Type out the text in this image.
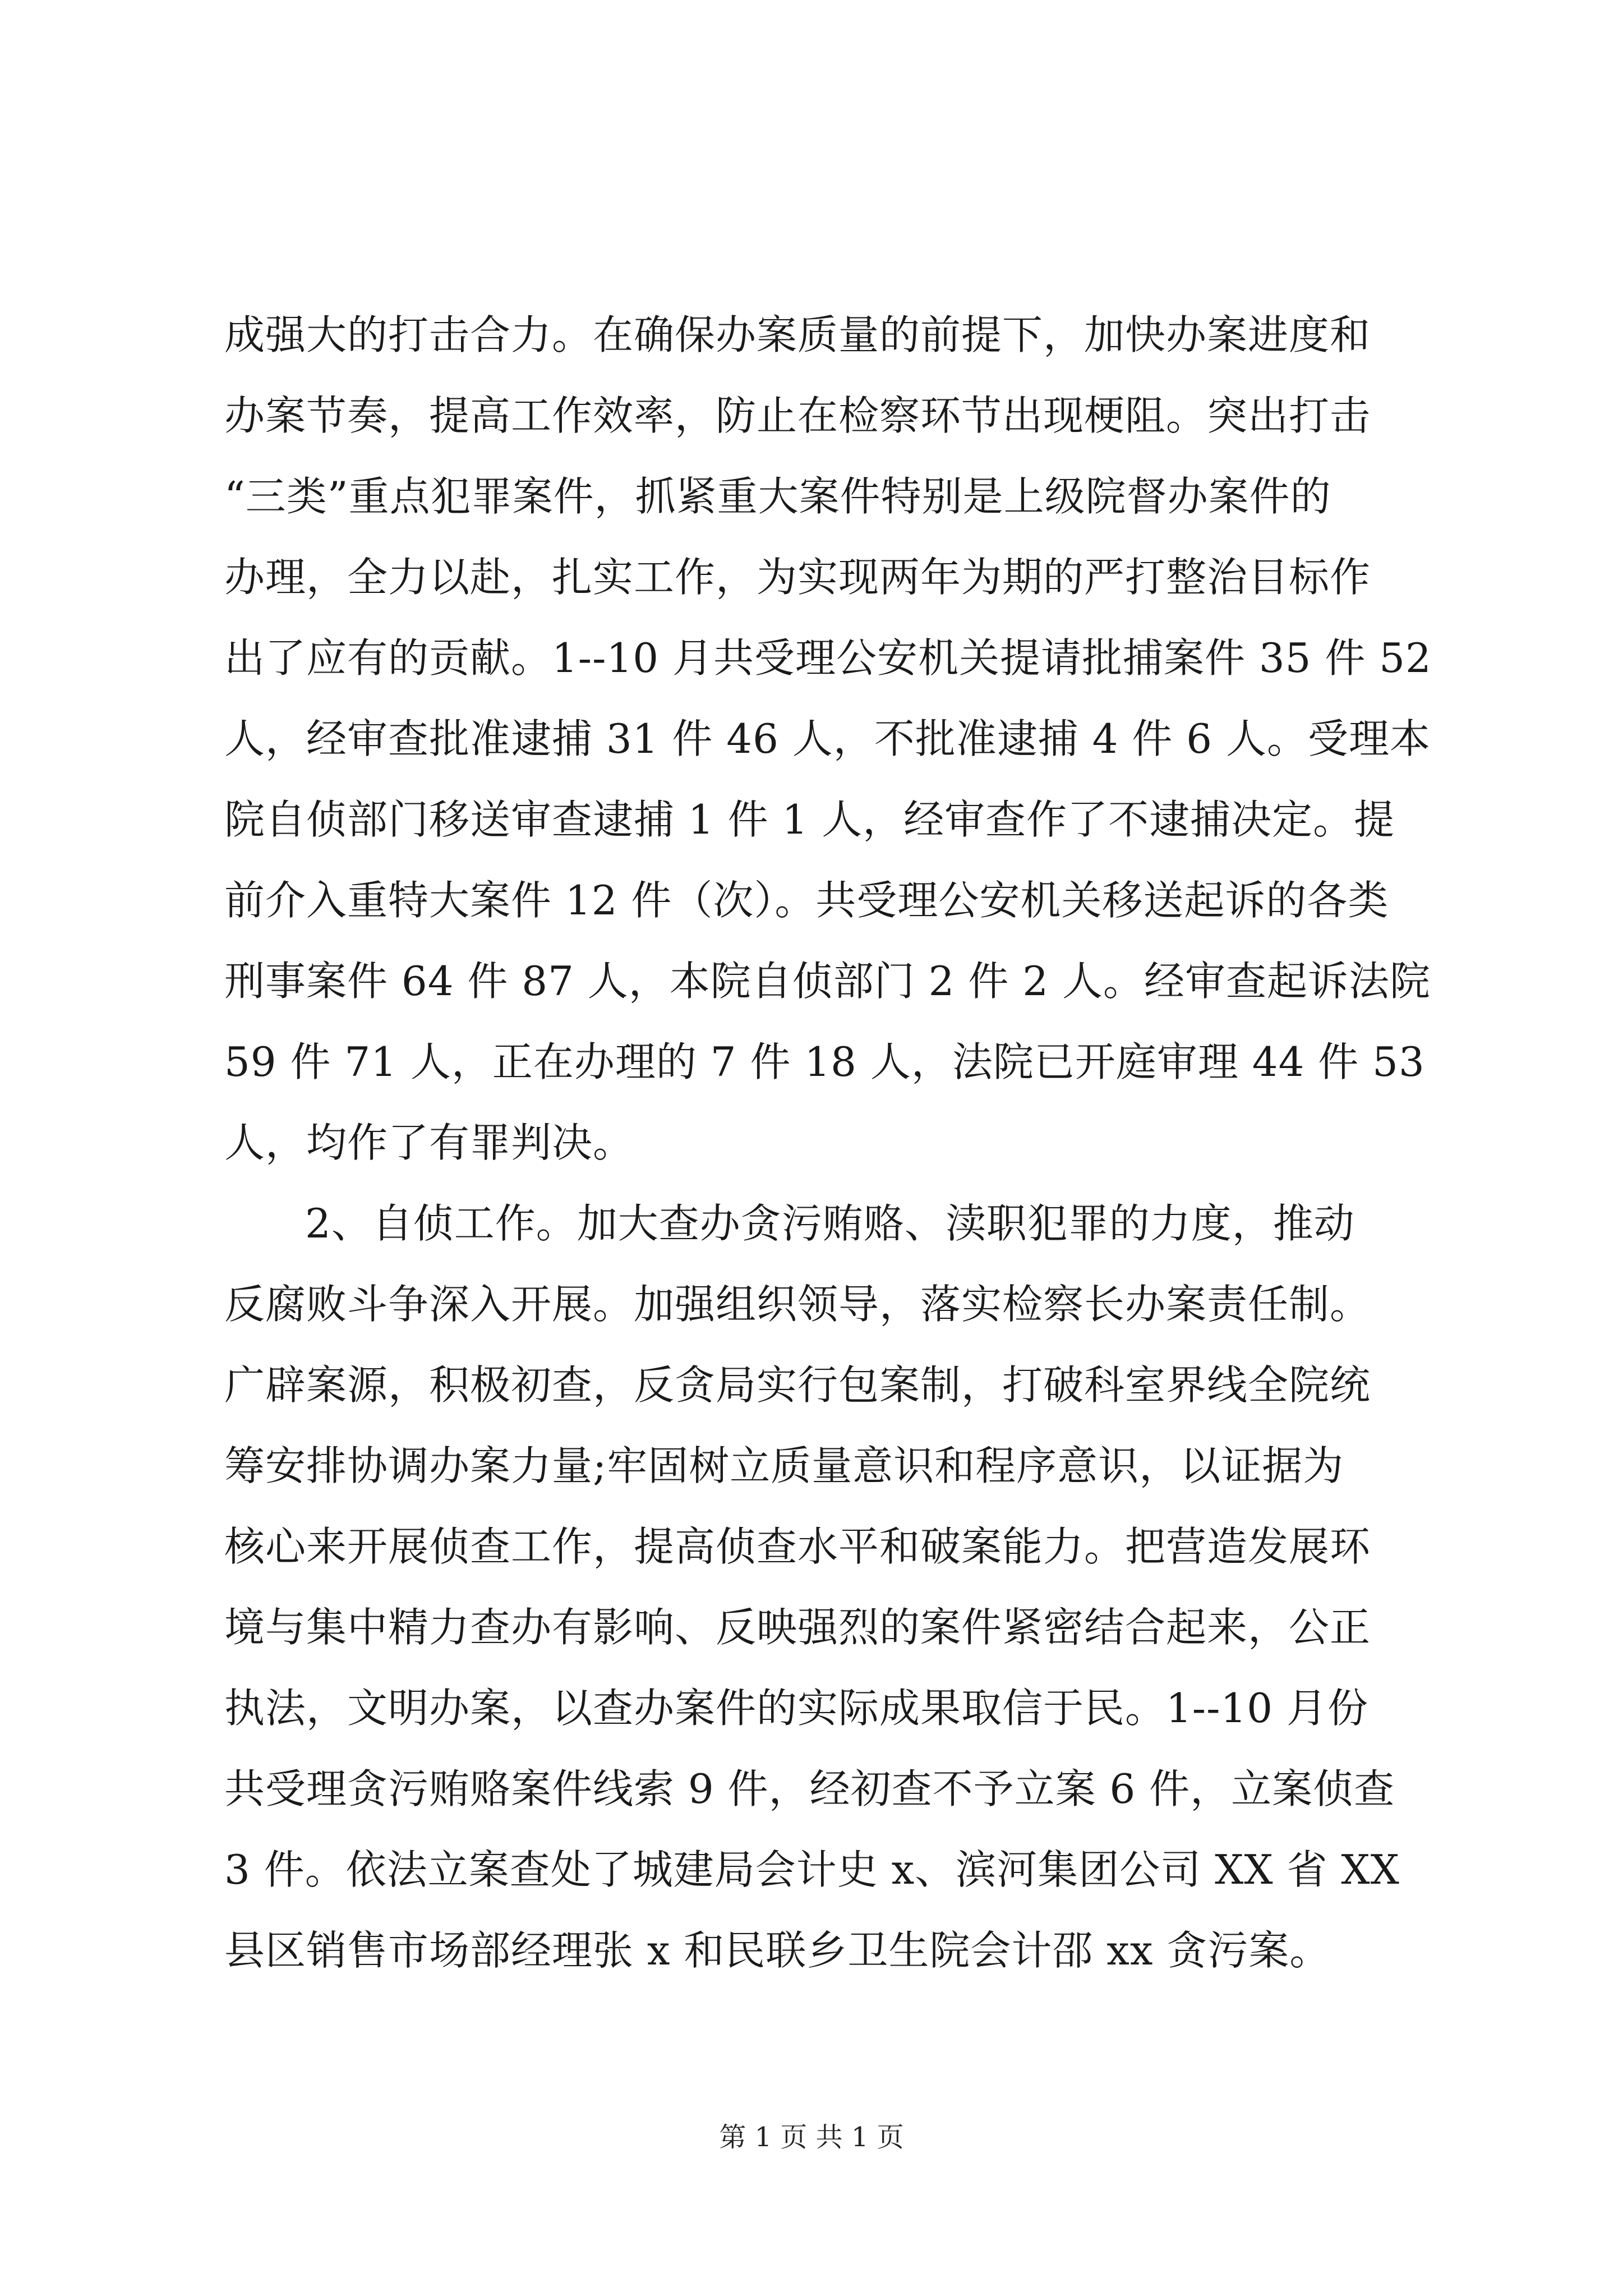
成强大的打击合力。在确保办案质量的前提下，加快办案进度和
办案节奏，提高工作效率，防止在检察环节出现梗阻。突出打击
“三类”重点犯罪案件，抓紧重大案件特别是上级院督办案件的
办理，全力以赴，扎实工作，为实现两年为期的严打整治目标作
出了应有的贡献。1--10 月共受理公安机关提请批捕案件 35 件 52
人，经审查批准逮捕 31 件 46 人，不批准逮捕 4 件 6 人。受理本
院自侦部门移送审查逮捕 1 件 1 人，经审查作了不逮捕决定。提
前介入重特大案件 12 件（次）。共受理公安机关移送起诉的各类
刑事案件 64 件 87 人，本院自侦部门 2 件 2 人。经审查起诉法院
59 件 71 人，正在办理的 7 件 18 人，法院已开庭审理 44 件 53
人，均作了有罪判决。
2、自侦工作。加大查办贪污贿赂、渎职犯罪的力度，推动
反腐败斗争深入开展。加强组织领导，落实检察长办案责任制。
广辟案源，积极初查，反贪局实行包案制，打破科室界线全院统
筹安排协调办案力量;牢固树立质量意识和程序意识，以证据为
核心来开展侦查工作，提高侦查水平和破案能力。把营造发展环
境与集中精力查办有影响、反映强烈的案件紧密结合起来，公正
执法，文明办案，以查办案件的实际成果取信于民。1--10 月份
共受理贪污贿赂案件线索 9 件，经初查不予立案 6 件，立案侦查
3 件。依法立案查处了城建局会计史 x、滨河集团公司 XX 省 XX
县区销售市场部经理张 x 和民联乡卫生院会计邵 xx 贪污案。
第 1 页 共 1 页
